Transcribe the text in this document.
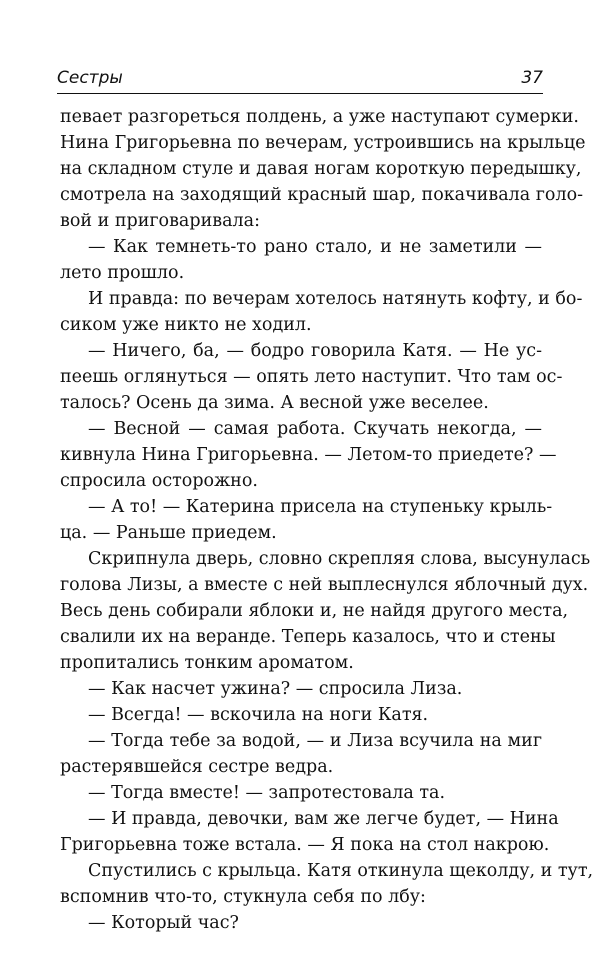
Сестры	37
певает разгореться полдень, а уже наступают сумерки.
Нина Григорьевна по вечерам, устроившись на крыльце
на складном стуле и давая ногам короткую передышку,
смотрела на заходящий красный шар, покачивала голо-
вой и приговаривала:
— Как темнеть-то рано стало, и не заметили —
лето прошло.
И правда: по вечерам хотелось натянуть кофту, и бо-
сиком уже никто не ходил.
— Ничего, ба, — бодро говорила Катя. — Не ус-
пеешь оглянуться — опять лето наступит. Что там ос-
талось? Осень да зима. А весной уже веселее.
— Весной — самая работа. Скучать некогда, —
кивнула Нина Григорьевна. — Летом-то приедете? —
спросила осторожно.
— А то! — Катерина присела на ступеньку крыль-
ца. — Раньше приедем.
Скрипнула дверь, словно скрепляя слова, высунулась
голова Лизы, а вместе с ней выплеснулся яблочный дух.
Весь день собирали яблоки и, не найдя другого места,
свалили их на веранде. Теперь казалось, что и стены
пропитались тонким ароматом.
— Как насчет ужина? — спросила Лиза.
— Всегда! — вскочила на ноги Катя.
— Тогда тебе за водой, — и Лиза всучила на миг
растерявшейся сестре ведра.
— Тогда вместе! — запротестовала та.
— И правда, девочки, вам же легче будет, — Нина
Григорьевна тоже встала. — Я пока на стол накрою.
Спустились с крыльца. Катя откинула щеколду, и тут,
вспомнив что-то, стукнула себя по лбу:
— Который час?
